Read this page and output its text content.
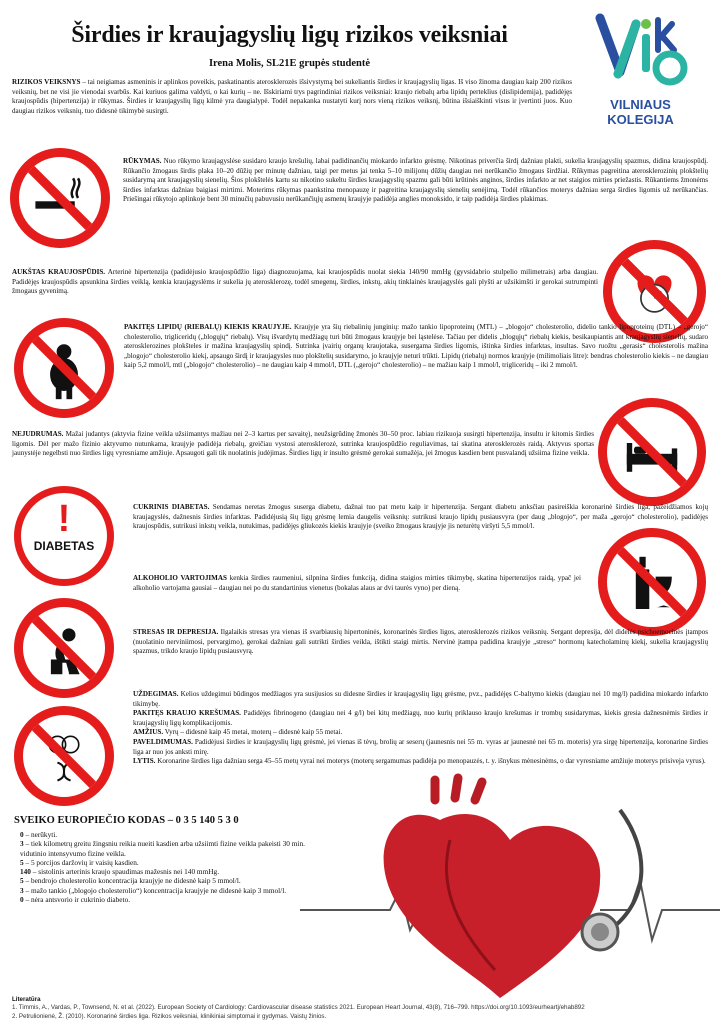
Širdies ir kraujagyslių ligų rizikos veiksniai
Irena Molis, SL21E grupės studentė
VILNIAUS
KOLEGIJA
RIZIKOS VEIKSNYS – tai neigiamas asmeninis ir aplinkos poveikis, paskatinantis aterosklerozės išsivystymą bei sukeliantis širdies ir kraujagyslių ligas. Iš viso žinoma daugiau kaip 200 rizikos veiksnių, bet ne visi jie vienodai svarbūs. Kai kuriuos galima valdyti, o kai kurių – ne. Išskiriami trys pagrindiniai rizikos veiksniai: kraujo riebalų arba lipidų perteklius (dislipidemija), padidėjęs kraujospūdis (hipertenzija) ir rūkymas. Širdies ir kraujagyslių ligų kilmė yra daugialypė. Todėl nepakanka nustatyti kurį nors vieną rizikos veiksnį, būtina išsiaiškinti visus ir įvertinti juos. Kuo daugiau rizikos veiksnių, tuo didesnė tikimybė susirgti.
RŪKYMAS. Nuo rūkymo kraujagyslėse susidaro kraujo krešulių, labai padidinančių miokardo infarkto grėsmę. Nikotinas priverčia širdį dažniau plakti, sukelia kraujagyslių spazmus, didina kraujospūdį. Rūkančio žmogaus širdis plaka 10–20 dūžių per minutę dažniau, taigi per metus jai tenka 5–10 milijonų dūžių daugiau nei nerūkančio žmogaus širdžiai. Rūkymas pagreitina aterosklerozinių plokštelių susidarymą ant kraujagyslių sienelių. Šios plokštelės kartu su nikotino sukeltu širdies kraujagyslių spazmu gali būti krūtinės anginos, širdies infarkto ar net staigios mirties priežastis. Rūkantiems žmonėms širdies infarktas dažniau baigiasi mirtimi. Moterims rūkymas paankstina menopauzę ir pagreitina kraujagyslių sienelių senėjimą. Todėl rūkančios moterys dažniau serga širdies ligomis už nerūkančias. Priešingai rūkytojo aplinkoje bent 30 minučių pabuvusiu nerūkančiųjų asmenų kraujyje padidėja anglies monoksido, ir taip padidėja širdies plakimas.
AUKŠTAS KRAUJOSPŪDIS. Arterinė hipertenzija (padidėjusio kraujospūdžio liga) diagnozuojama, kai kraujospūdis nuolat siekia 140/90 mmHg (gyvsidabrio stulpelio milimetrais) arba daugiau. Padidėjęs kraujospūdis apsunkina širdies veiklą, kenkia kraujagyslėms ir sukelia jų aterosklerozę, todėl smegenų, širdies, inkstų, akių tinklainės kraujagyslės gali plyšti ar užsikimšti ir gerokai sutrumpinti žmogaus gyvenimą.
PAKITĘS LIPIDŲ (RIEBALŲ) KIEKIS KRAUJYJE. Kraujyje yra šių riebalinių junginių: mažo tankio lipoproteinų (MTL) – „blogojo“ cholesterolio, didelio tankio lipoproteinų (DTL) – „gerojo“ cholesterolio, trigliceridų („blogųjų“ riebalų). Visų išvardytų medžiagų turi būti žmogaus kraujyje bei ląstelėse. Tačiau per didelis „blogųjų“ riebalų kiekis, besikaupiantis ant kraujagyslių sienelių, sudaro aterosklerozines plokšteles ir mažina kraujagyslių spindį. Sutrinka įvairių organų kraujotaka, susergama širdies ligomis, ištinka širdies infarktas, insultas. Savo ruožtu „gerasis“ cholesterolis mažina „blogojo“ cholesterolio kiekį, apsaugo širdį ir kraujagysles nuo plokštelių susidarymo, jo kraujyje neturi trūkti. Lipidų (riebalų) normos kraujyje (milimoliais litre): bendras cholesterolio kiekis – ne daugiau kaip 5,2 mmol/l, mtl („blogojo“ cholesterolio) – ne daugiau kaip 4 mmol/l, DTL („gerojo“ cholesterolio) – ne mažiau kaip 1 mmol/l, trigliceridų – iki 2 mmol/l.
NEJUDRUMAS. Mažai judantys (aktyvia fizine veikla užsiimantys mažiau nei 2–3 kartus per savaitę), neužsigrūdinę žmonės 30–50 proc. labiau rizikuoja susirgti hipertenzija, insultu ir kitomis širdies ligomis. Dėl per mažo fizinio aktyvumo nutunkama, kraujyje padidėja riebalų, greičiau vystosi aterosklerozė, sutrinka kraujospūdžio reguliavimas, tai skatina aterosklerozės raidą. Aktyvus sportas jaunystėje negelbsti nuo širdies ligų vyresniame amžiuje. Apsaugoti gali tik nuolatinis judėjimas. Širdies ligų ir insulto grėsmė gerokai sumažėja, jei žmogus kasdien bent pusvalandį užsiima fizine veikla.
!
DIABETAS
CUKRINIS DIABETAS. Sendamas neretas žmogus suserga diabetu, dažnai tuo pat metu kaip ir hipertenzija. Sergant diabetu anksčiau pasireiškia koronarinė širdies liga, pažeidžiamos kojų kraujagyslės, dažnesnis širdies infarktas. Padidėjusią šių ligų grėsmę lemia daugelis veiksnių: sutrikusi kraujo lipidų pusiausvyra (per daug „blogojo“, per maža „gerojo“ cholesterolio), padidėjęs kraujospūdis, sutrikusi inkstų veikla, nutukimas, padidėjęs gliukozės kiekis kraujyje (sveiko žmogaus kraujyje jis neturėtų viršyti 5,5 mmol/l.
ALKOHOLIO VARTOJIMAS kenkia širdies raumeniui, silpnina širdies funkciją, didina staigios mirties tikimybę, skatina hipertenzijos raidą, ypač jei alkoholio vartojama gausiai – daugiau nei po du standartinius vienetus (bokalas alaus ar dvi taurės vyno) per dieną.
STRESAS IR DEPRESIJA. Ilgalaikis stresas yra vienas iš svarbiausių hipertoninės, koronarinės širdies ligos, aterosklerozės rizikos veiksnių. Sergant depresija, dėl didelės psichoemocinės įtampos (nuolatinio nerviniimosi, pervargimo), gerokai dažniau gali sutrikti širdies veikla, ištikti staigi mirtis. Nervinė įtampa padidina kraujyje „streso“ hormonų katecholaminų kiekį, sukelia kraujagyslių spazmus, trikdo kraujo lipidų pusiausvyrą.
UŽDEGIMAS. Kelios uždegimui būdingos medžiagos yra susijusios su didesne širdies ir kraujagyslių ligų grėsme, pvz., padidėjęs C-baltymo kiekis (daugiau nei 10 mg/l) padidina miokardo infarkto tikimybę.
PAKITĘS KRAUJO KREŠUMAS. Padidėjęs fibrinogeno (daugiau nei 4 g/l) bei kitų medžiagų, nuo kurių priklauso kraujo krešumas ir trombų susidarymas, kiekis gresia dažnesnėmis širdies ir kraujagyslių ligų komplikacijomis.
AMŽIUS. Vyrų – didesnė kaip 45 metai, moterų – didesnė kaip 55 metai.
PAVELDIMUMAS. Padidėjusi širdies ir kraujagyslių ligų grėsmė, jei vienas iš tėvų, brolių ar seserų (jaunesnis nei 55 m. vyras ar jaunesnė nei 65 m. moteris) yra sirgę hipertenzija, koronarine širdies liga ar nuo jos anksti mirę.
LYTIS. Koronarine širdies liga dažniau serga 45–55 metų vyrai nei moterys (moterų sergamumas padidėja po menopauzės, t. y. išnykus mėnesinėms, o dar vyresniame amžiuje moterys prisiveja vyrus).
SVEIKO EUROPIEČIO KODAS – 0 3 5 140 5 3 0
0 – nerūkyti.
3 – tiek kilometrų greitu žingsniu reikia nueiti kasdien arba užsiimti fizine veikla pakeisti 30 min. vidutinio intensyvumo fizine veikla.
5 – 5 porcijos daržovių ir vaisių kasdien.
140 – sistolinis arterinis kraujo spaudimas mažesnis nei 140 mmHg.
5 – bendrojo cholesterolio koncentracija kraujyje ne didesnė kaip 5 mmol/l.
3 – mažo tankio („blogojo cholesterolio“) koncentracija kraujyje ne didesnė kaip 3 mmol/l.
0 – nėra antsvorio ir cukrinio diabeto.
Literatūra
1. Timmis, A., Vardas, P., Townsend, N. et al. (2022). European Society of Cardiology: Cardiovascular disease statistics 2021. European Heart Journal, 43(8), 716–799. https://doi.org/10.1093/eurheartj/ehab892
2. Petrulionienė, Ž. (2010). Koronarinė širdies liga. Rizikos veiksniai, klinikiniai simptomai ir gydymas. Vaistų žinios.
